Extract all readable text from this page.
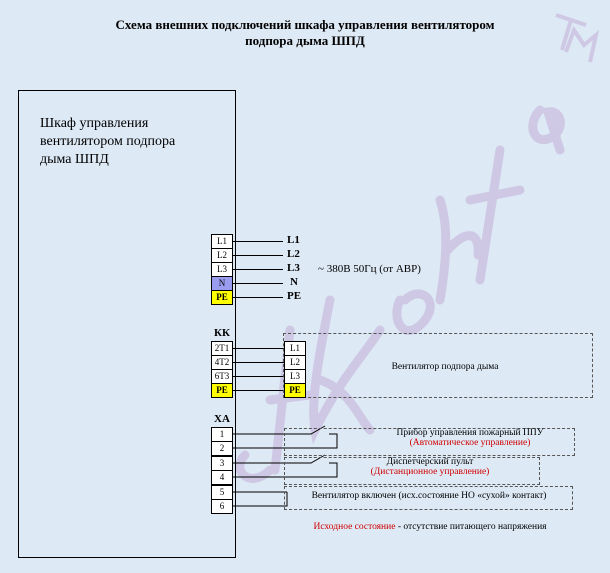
Схема внешних подключений шкафа управления вентилятором
подпора дыма ШПД
Шкаф управления
вентилятором подпора
дыма ШПД
L1
L2
L3
N
PE
L1
L2
L3
N
PE
~ 380В 50Гц (от АВР)
КК
2T1
4T2
6T3
PE
L1
L2
L3
PE
Вентилятор подпора дыма
ХА
1
2
3
4
5
6
Прибор управления пожарный ППУ
(Автоматическое управление)
Диспетчерский пульт
(Дистанционное управление)
Вентилятор включен (исх.состояние НО «сухой» контакт)
Исходное состояние - отсутствие питающего напряжения
